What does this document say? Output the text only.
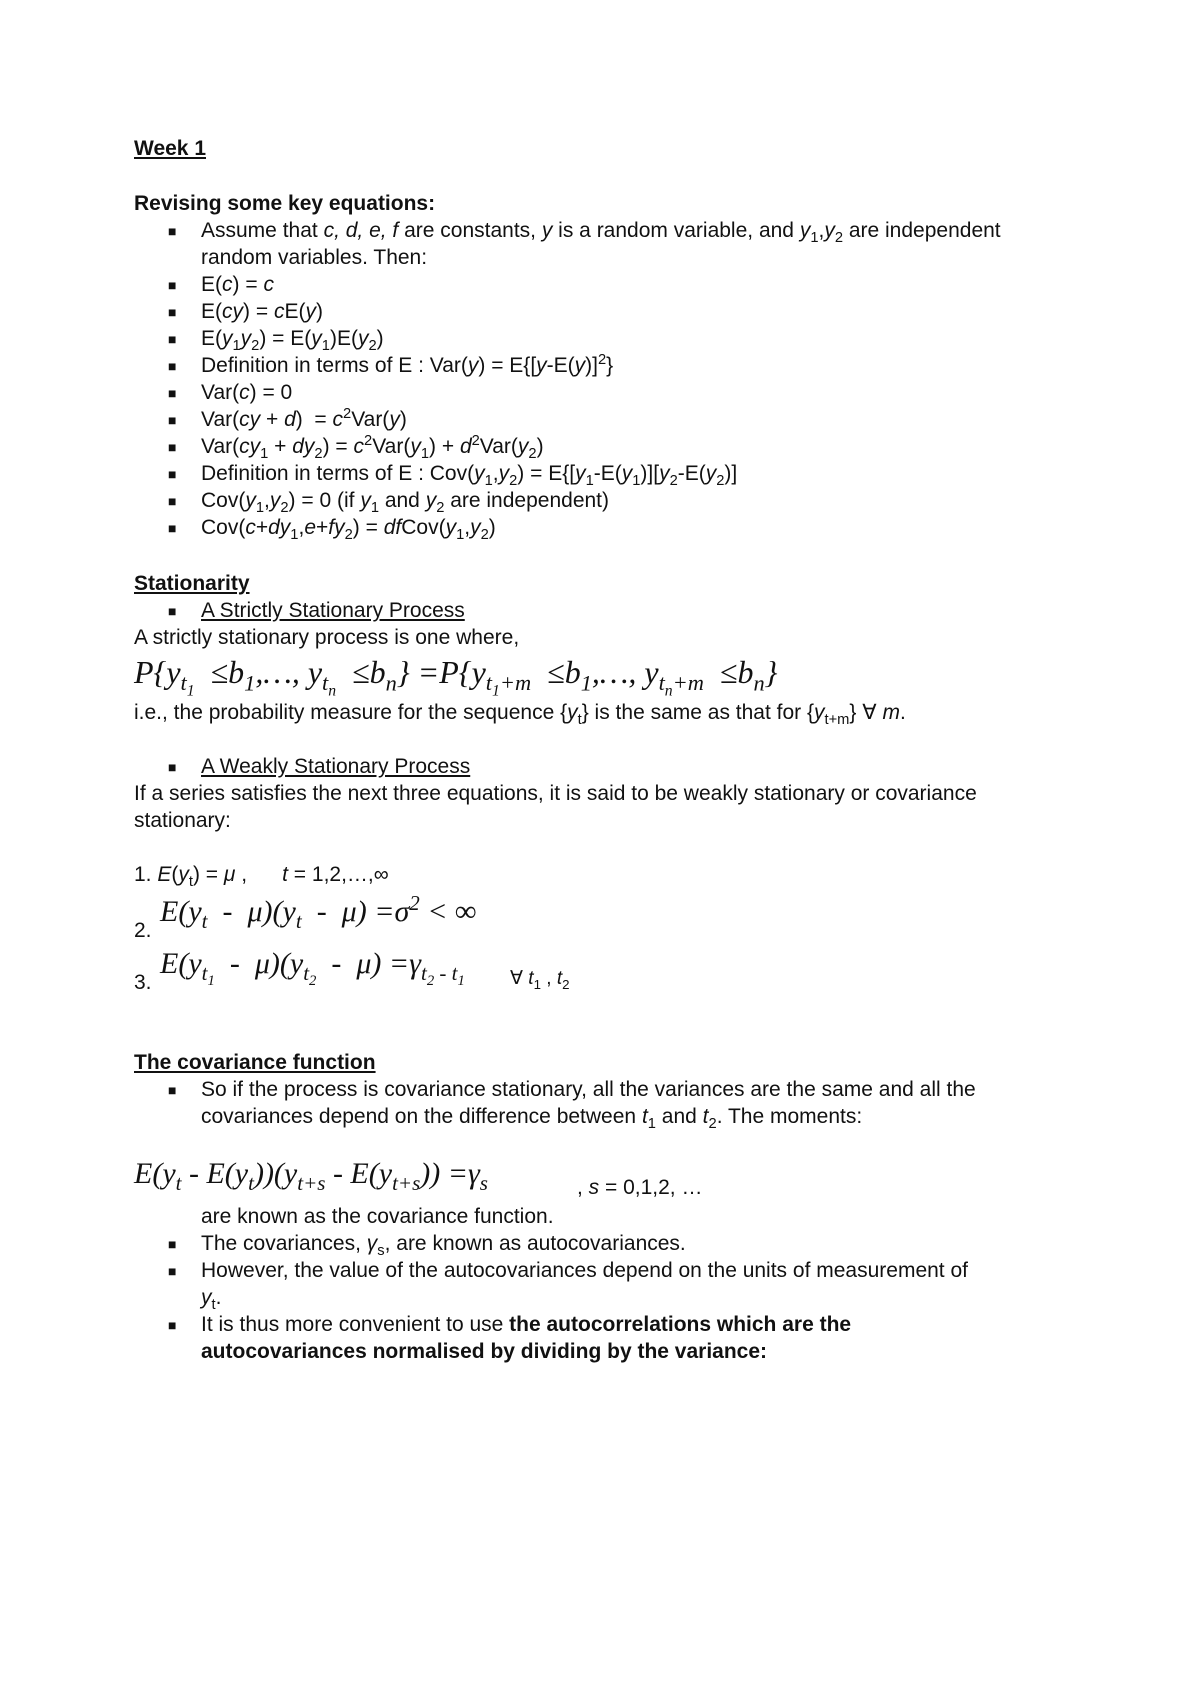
Week 1
Revising some key equations:
■ Assume that c, d, e, f are constants, y is a random variable, and $y_1,y_2$ are independent
random variables. Then:
■ E(c) = c
■ E(cy) = cE(y)
■ $E(y_1y_2) = E(y_1)E(y_2)$
■ Definition in terms of E : $Var(y) = E\{[y-E(y)]^2\}$
■ Var(c) = 0
■ $Var(cy + d) = c^2Var(y)$
■ $Var(cy_1 + dy_2) = c^2Var(y_1) + d^2Var(y_2)$
■ Definition in terms of E : $Cov(y_1,y_2) = E\{[y_1-E(y_1)][y_2-E(y_2)]$
■ $Cov(y_1,y_2) = 0$ (if $y_1$ and $y_2$ are independent)
■ $Cov(c+dy_1,e+fy_2)$ = $dfCov(y_1,y_2)$
Stationarity
■ A Strictly Stationary Process
A strictly stationary process is one where,
$P\{y_{t_1}$  $\le b_1,\dots$, $y_{t_n} \le b_n\} =P\{y_{t_1+m}$  $\le b_1,\dots$, $y_{t_n+m} \le b_n$}
i.e., the probability measure for the sequence $\{y_t\}$ is the same as that for $\{y_{t+m}\}$ ∀ m.
■ A Weakly Stationary Process
If a series satisfies the next three equations, it is said to be weakly stationary or covariance
stationary:
1. $E(y_t) = \mu$ ,      t = 1,2,…,∞
2.
$E(y_t - \mu)(y_t - \mu) =\sigma^2$ < ∞
3.
$E(y_{t_1} - \mu)(y_{t_2} - \mu) =\gamma_{t_2 - t_1}$ ∀ $t_1$ , $t_2$
The covariance function
■ So if the process is covariance stationary, all the variances are the same and all the
covariances depend on the difference between $t_1$ and $t_2$. The moments:
$E(y_t - E(y_t))(y_{t+s} - E(y_{t+s})) =\gamma_s$	, s = 0,1,2, …
are known as the covariance function.
■ The covariances, $\gamma_s$, are known as autocovariances.
■ However, the value of the autocovariances depend on the units of measurement of
$y_t$.
■ It is thus more convenient to use the autocorrelations which are the
autocovariances normalised by dividing by the variance:
